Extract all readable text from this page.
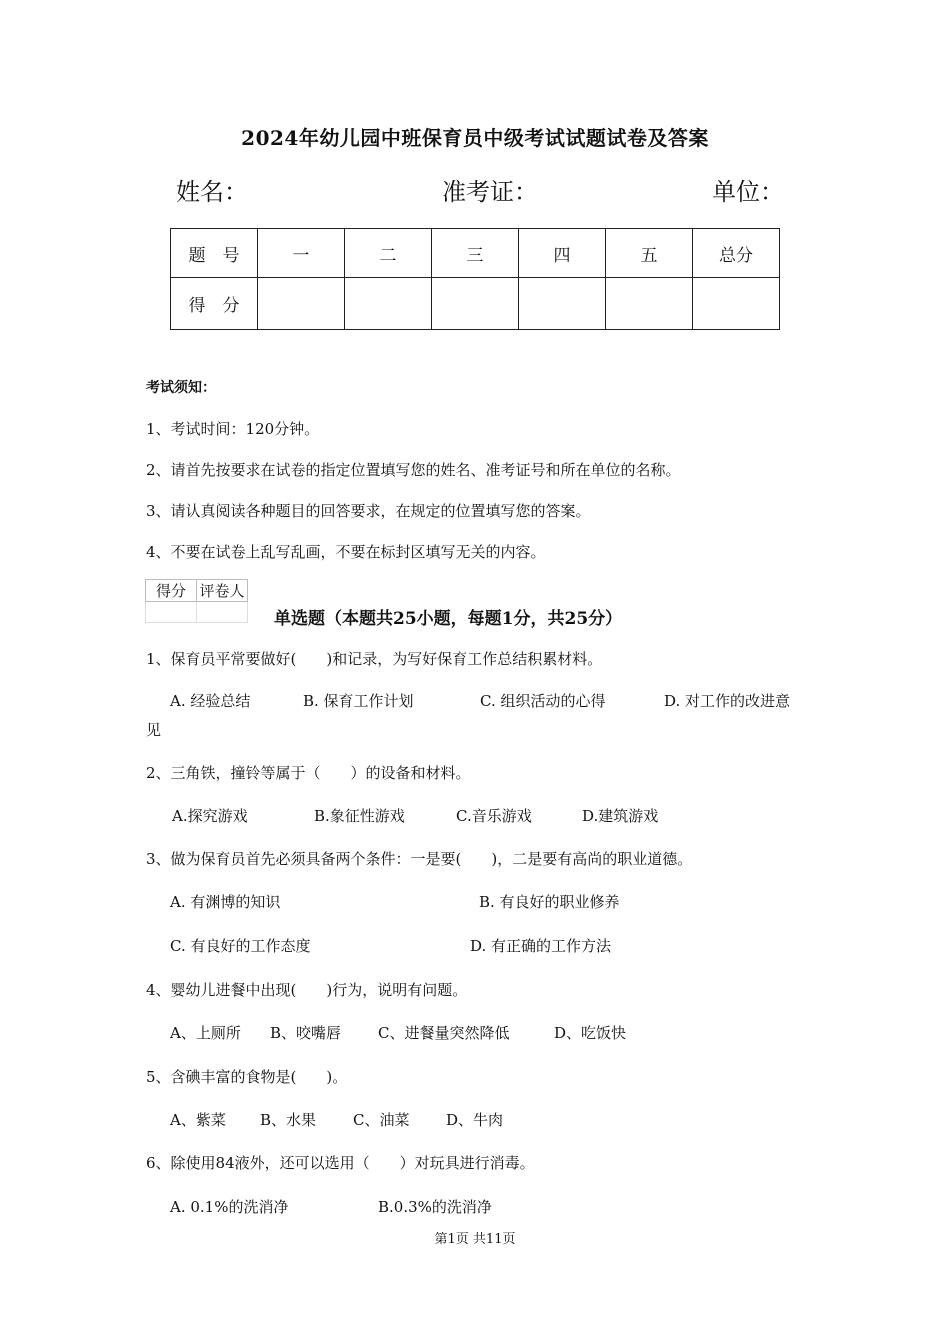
2024年幼儿园中班保育员中级考试试题试卷及答案
姓名：	准考证：	单位：
题　号	一	二	三	四	五	总分
得　分						
考试须知：
1、考试时间：120分钟。
2、请首先按要求在试卷的指定位置填写您的姓名、准考证号和所在单位的名称。
3、请认真阅读各种题目的回答要求，在规定的位置填写您的答案。
4、不要在试卷上乱写乱画，不要在标封区填写无关的内容。
得分	评卷人

单选题（本题共25小题，每题1分，共25分）
1、保育员平常要做好(　　)和记录，为写好保育工作总结积累材料。
A. 经验总结	B. 保育工作计划	C. 组织活动的心得	D. 对工作的改进意
见
2、三角铁，撞铃等属于（　　）的设备和材料。
A.探究游戏	B.象征性游戏	C.音乐游戏	D.建筑游戏
3、做为保育员首先必须具备两个条件：一是要(　　)，二是要有高尚的职业道德。
A. 有渊博的知识	B. 有良好的职业修养
C. 有良好的工作态度	D. 有正确的工作方法
4、婴幼儿进餐中出现(　　)行为，说明有问题。
A、上厕所 B、咬嘴唇 C、进餐量突然降低	D、吃饭快
5、含碘丰富的食物是(　　)。
A、紫菜 B、水果 C、油菜 D、牛肉
6、除使用84液外，还可以选用（　　）对玩具进行消毒。
A. 0.1%的洗消净	B.0.3%的洗消净
第1页 共11页
